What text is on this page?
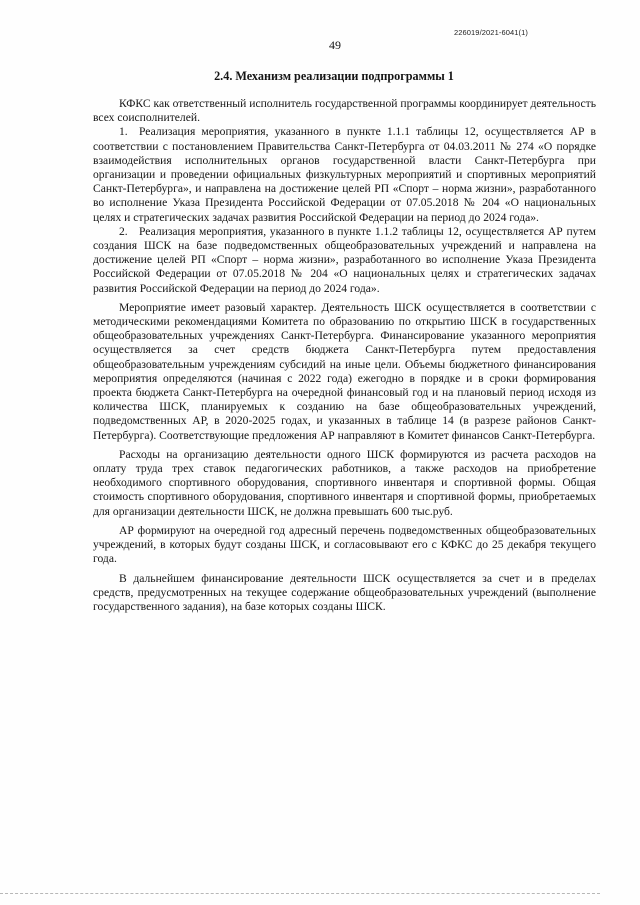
226019/2021-6041(1)
49
2.4. Механизм реализации подпрограммы 1

КФКС как ответственный исполнитель государственной программы координирует деятельность всех соисполнителей.

1. Реализация мероприятия, указанного в пункте 1.1.1 таблицы 12, осуществляется АР в соответствии с постановлением Правительства Санкт-Петербурга от 04.03.2011 № 274 «О порядке взаимодействия исполнительных органов государственной власти Санкт-Петербурга при организации и проведении официальных физкультурных мероприятий и спортивных мероприятий Санкт-Петербурга», и направлена на достижение целей РП «Спорт – норма жизни», разработанного во исполнение Указа Президента Российской Федерации от 07.05.2018 № 204 «О национальных целях и стратегических задачах развития Российской Федерации на период до 2024 года».

2. Реализация мероприятия, указанного в пункте 1.1.2 таблицы 12, осуществляется АР путем создания ШСК на базе подведомственных общеобразовательных учреждений и направлена на достижение целей РП «Спорт – норма жизни», разработанного во исполнение Указа Президента Российской Федерации от 07.05.2018 № 204 «О национальных целях и стратегических задачах развития Российской Федерации на период до 2024 года».

Мероприятие имеет разовый характер. Деятельность ШСК осуществляется в соответствии с методическими рекомендациями Комитета по образованию по открытию ШСК в государственных общеобразовательных учреждениях Санкт-Петербурга. Финансирование указанного мероприятия осуществляется за счет средств бюджета Санкт-Петербурга путем предоставления общеобразовательным учреждениям субсидий на иные цели. Объемы бюджетного финансирования мероприятия определяются (начиная с 2022 года) ежегодно в порядке и в сроки формирования проекта бюджета Санкт-Петербурга на очередной финансовый год и на плановый период исходя из количества ШСК, планируемых к созданию на базе общеобразовательных учреждений, подведомственных АР, в 2020-2025 годах, и указанных в таблице 14 (в разрезе районов Санкт-Петербурга). Соответствующие предложения АР направляют в Комитет финансов Санкт-Петербурга.

Расходы на организацию деятельности одного ШСК формируются из расчета расходов на оплату труда трех ставок педагогических работников, а также расходов на приобретение необходимого спортивного оборудования, спортивного инвентаря и спортивной формы. Общая стоимость спортивного оборудования, спортивного инвентаря и спортивной формы, приобретаемых для организации деятельности ШСК, не должна превышать 600 тыс.руб.

АР формируют на очередной год адресный перечень подведомственных общеобразовательных учреждений, в которых будут созданы ШСК, и согласовывают его с КФКС до 25 декабря текущего года.

В дальнейшем финансирование деятельности ШСК осуществляется за счет и в пределах средств, предусмотренных на текущее содержание общеобразовательных учреждений (выполнение государственного задания), на базе которых созданы ШСК.
